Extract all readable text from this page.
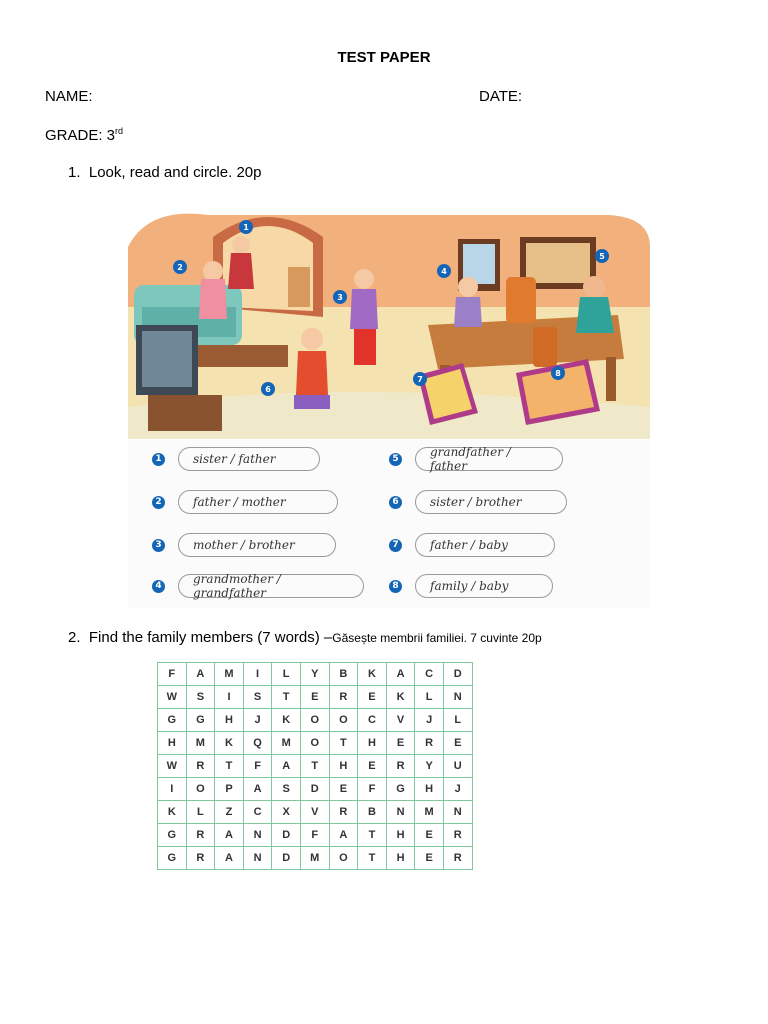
TEST PAPER
NAME:	DATE:
GRADE: 3rd
1. Look, read and circle. 20p
1
2
3
4
5
6
7
8
1	sister / father
2	father / mother
3	mother / brother
4	grandmother / grandfather
5	grandfather / father
6	sister / brother
7	father / baby
8	family / baby
2. Find the family members (7 words) –Găsește membrii familiei. 7 cuvinte 20p
F	A	M	I	L	Y	B	K	A	C	D
W	S	I	S	T	E	R	E	K	L	N
G	G	H	J	K	O	O	C	V	J	L
H	M	K	Q	M	O	T	H	E	R	E
W	R	T	F	A	T	H	E	R	Y	U
I	O	P	A	S	D	E	F	G	H	J
K	L	Z	C	X	V	R	B	N	M	N
G	R	A	N	D	F	A	T	H	E	R
G	R	A	N	D	M	O	T	H	E	R
